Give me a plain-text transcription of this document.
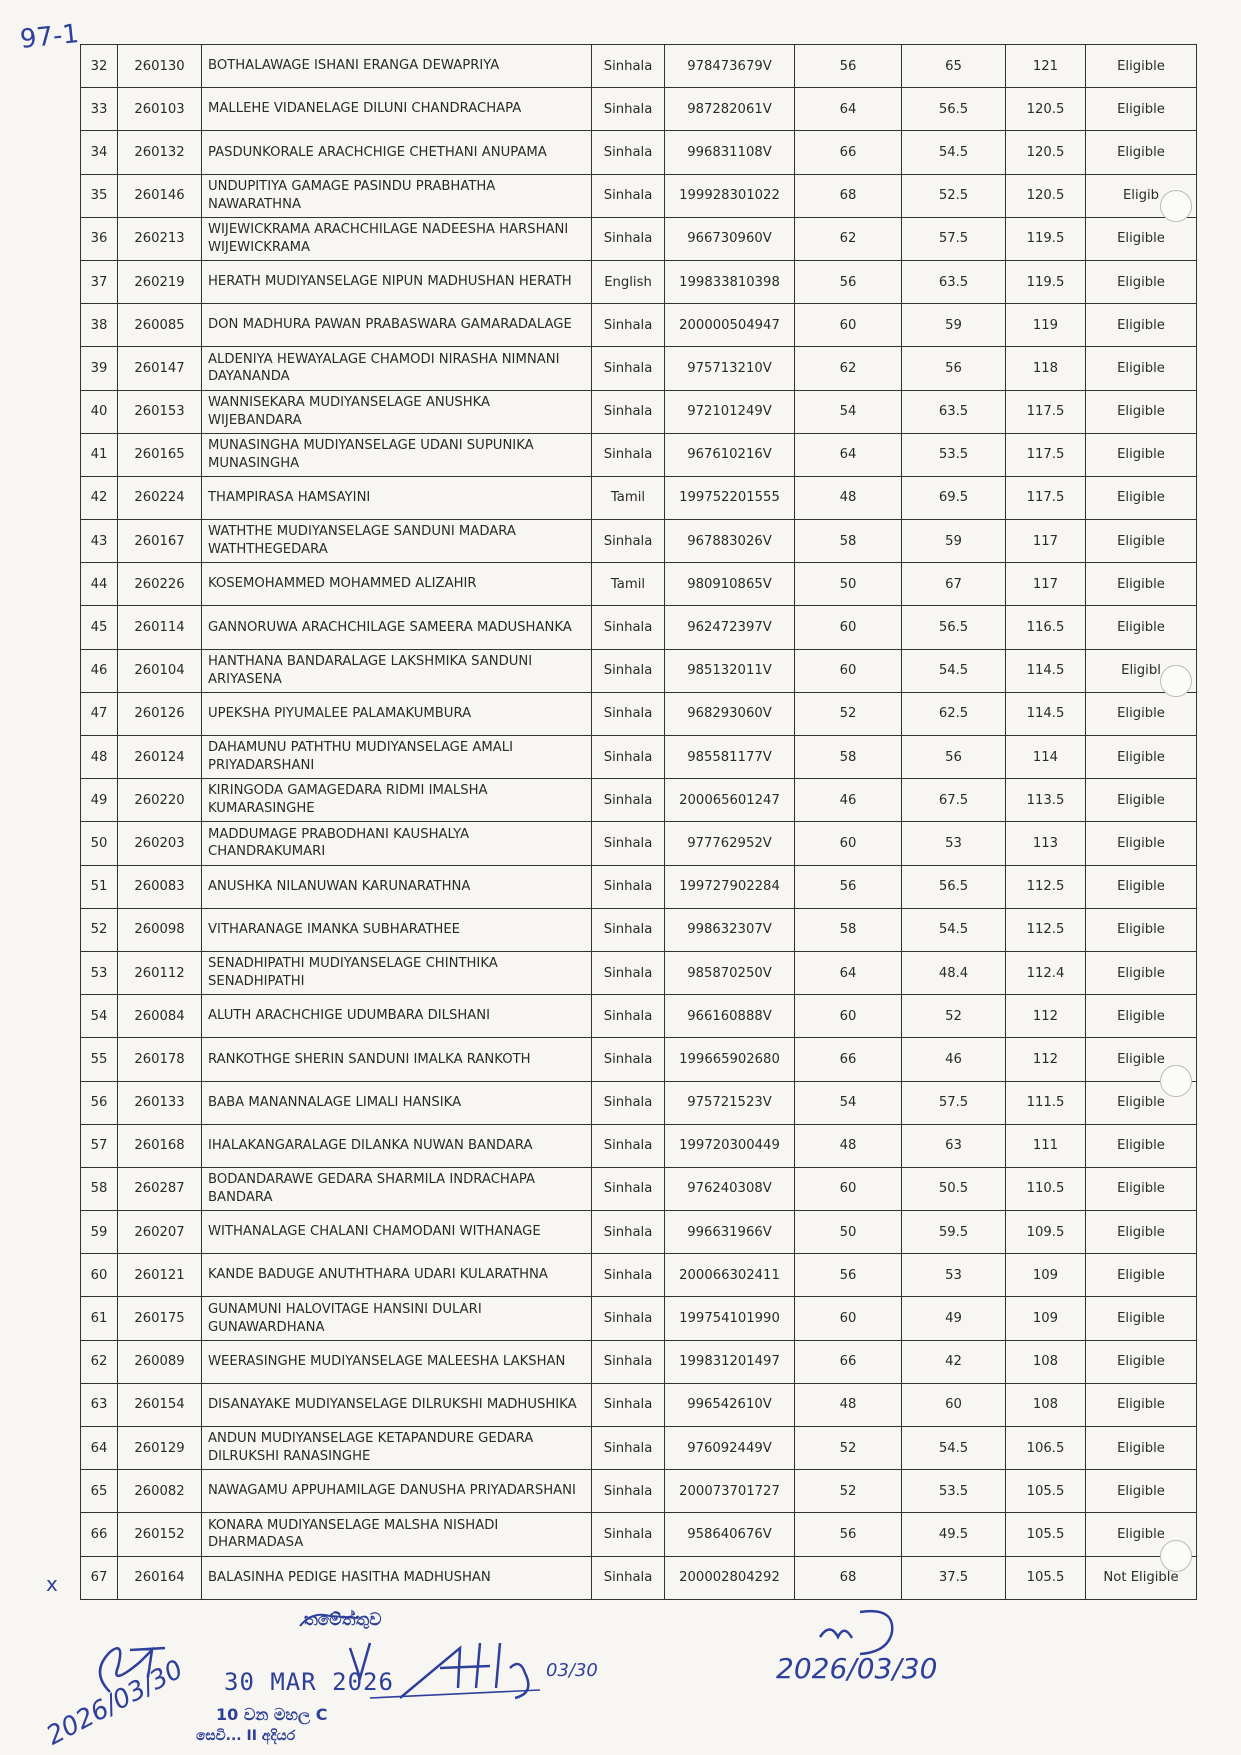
97-1
32	260130	BOTHALAWAGE ISHANI ERANGA DEWAPRIYA	Sinhala	978473679V	56	65	121	Eligible
33	260103	MALLEHE VIDANELAGE DILUNI CHANDRACHAPA	Sinhala	987282061V	64	56.5	120.5	Eligible
34	260132	PASDUNKORALE ARACHCHIGE CHETHANI ANUPAMA	Sinhala	996831108V	66	54.5	120.5	Eligible
35	260146	UNDUPITIYA GAMAGE PASINDU PRABHATHA NAWARATHNA	Sinhala	199928301022	68	52.5	120.5	Eligib
36	260213	WIJEWICKRAMA ARACHCHILAGE NADEESHA HARSHANI WIJEWICKRAMA	Sinhala	966730960V	62	57.5	119.5	Eligible
37	260219	HERATH MUDIYANSELAGE NIPUN MADHUSHAN HERATH	English	199833810398	56	63.5	119.5	Eligible
38	260085	DON MADHURA PAWAN PRABASWARA GAMARADALAGE	Sinhala	200000504947	60	59	119	Eligible
39	260147	ALDENIYA HEWAYALAGE CHAMODI NIRASHA NIMNANI DAYANANDA	Sinhala	975713210V	62	56	118	Eligible
40	260153	WANNISEKARA MUDIYANSELAGE ANUSHKA WIJEBANDARA	Sinhala	972101249V	54	63.5	117.5	Eligible
41	260165	MUNASINGHA MUDIYANSELAGE UDANI SUPUNIKA MUNASINGHA	Sinhala	967610216V	64	53.5	117.5	Eligible
42	260224	THAMPIRASA HAMSAYINI	Tamil	199752201555	48	69.5	117.5	Eligible
43	260167	WATHTHE MUDIYANSELAGE SANDUNI MADARA WATHTHEGEDARA	Sinhala	967883026V	58	59	117	Eligible
44	260226	KOSEMOHAMMED MOHAMMED ALIZAHIR	Tamil	980910865V	50	67	117	Eligible
45	260114	GANNORUWA ARACHCHILAGE SAMEERA MADUSHANKA	Sinhala	962472397V	60	56.5	116.5	Eligible
46	260104	HANTHANA BANDARALAGE LAKSHMIKA SANDUNI ARIYASENA	Sinhala	985132011V	60	54.5	114.5	Eligibl
47	260126	UPEKSHA PIYUMALEE PALAMAKUMBURA	Sinhala	968293060V	52	62.5	114.5	Eligible
48	260124	DAHAMUNU PATHTHU MUDIYANSELAGE AMALI PRIYADARSHANI	Sinhala	985581177V	58	56	114	Eligible
49	260220	KIRINGODA GAMAGEDARA RIDMI IMALSHA KUMARASINGHE	Sinhala	200065601247	46	67.5	113.5	Eligible
50	260203	MADDUMAGE PRABODHANI KAUSHALYA CHANDRAKUMARI	Sinhala	977762952V	60	53	113	Eligible
51	260083	ANUSHKA NILANUWAN KARUNARATHNA	Sinhala	199727902284	56	56.5	112.5	Eligible
52	260098	VITHARANAGE IMANKA SUBHARATHEE	Sinhala	998632307V	58	54.5	112.5	Eligible
53	260112	SENADHIPATHI MUDIYANSELAGE CHINTHIKA SENADHIPATHI	Sinhala	985870250V	64	48.4	112.4	Eligible
54	260084	ALUTH ARACHCHIGE UDUMBARA DILSHANI	Sinhala	966160888V	60	52	112	Eligible
55	260178	RANKOTHGE SHERIN SANDUNI IMALKA RANKOTH	Sinhala	199665902680	66	46	112	Eligible
56	260133	BABA MANANNALAGE LIMALI HANSIKA	Sinhala	975721523V	54	57.5	111.5	Eligible
57	260168	IHALAKANGARALAGE DILANKA NUWAN BANDARA	Sinhala	199720300449	48	63	111	Eligible
58	260287	BODANDARAWE GEDARA SHARMILA INDRACHAPA BANDARA	Sinhala	976240308V	60	50.5	110.5	Eligible
59	260207	WITHANALAGE CHALANI CHAMODANI WITHANAGE	Sinhala	996631966V	50	59.5	109.5	Eligible
60	260121	KANDE BADUGE ANUTHTHARA UDARI KULARATHNA	Sinhala	200066302411	56	53	109	Eligible
61	260175	GUNAMUNI HALOVITAGE HANSINI DULARI GUNAWARDHANA	Sinhala	199754101990	60	49	109	Eligible
62	260089	WEERASINGHE MUDIYANSELAGE MALEESHA LAKSHAN	Sinhala	199831201497	66	42	108	Eligible
63	260154	DISANAYAKE MUDIYANSELAGE DILRUKSHI MADHUSHIKA	Sinhala	996542610V	48	60	108	Eligible
64	260129	ANDUN MUDIYANSELAGE KETAPANDURE GEDARA DILRUKSHI RANASINGHE	Sinhala	976092449V	52	54.5	106.5	Eligible
65	260082	NAWAGAMU APPUHAMILAGE DANUSHA PRIYADARSHANI	Sinhala	200073701727	52	53.5	105.5	Eligible
66	260152	KONARA MUDIYANSELAGE MALSHA NISHADI DHARMADASA	Sinhala	958640676V	56	49.5	105.5	Eligible
67	260164	BALASINHA PEDIGE HASITHA MADHUSHAN	Sinhala	200002804292	68	37.5	105.5	Not Eligible
x
තමේත්තුව
30 MAR 2026
10 වන මහල C
සෙවි... II අදියර
2026/03/30	03/30	2026/03/30
